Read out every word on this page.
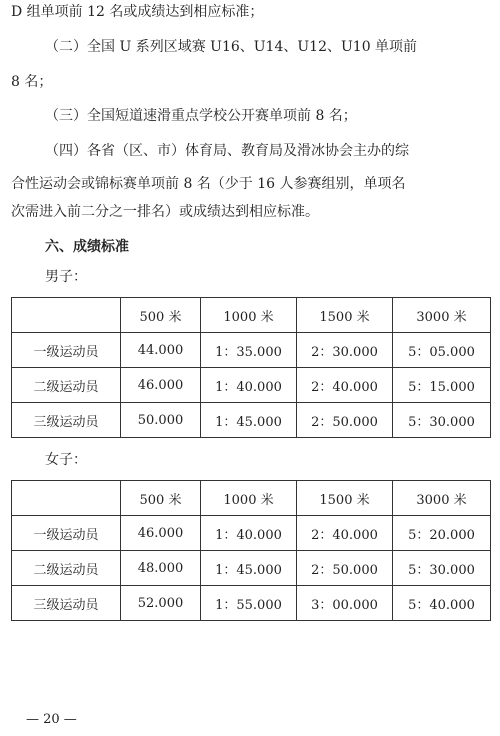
D 组单项前 12 名或成绩达到相应标准；
（二）全国 U 系列区域赛 U16、U14、U12、U10 单项前
8 名；
（三）全国短道速滑重点学校公开赛单项前 8 名；
（四）各省（区、市）体育局、教育局及滑冰协会主办的综
合性运动会或锦标赛单项前 8 名（少于 16 人参赛组别，单项名
次需进入前二分之一排名）或成绩达到相应标准。
六、成绩标准
男子：
	500 米	1000 米	1500 米	3000 米
一级运动员	44.000	1：35.000	2：30.000	5：05.000
二级运动员	46.000	1：40.000	2：40.000	5：15.000
三级运动员	50.000	1：45.000	2：50.000	5：30.000
女子：
	500 米	1000 米	1500 米	3000 米
一级运动员	46.000	1：40.000	2：40.000	5：20.000
二级运动员	48.000	1：45.000	2：50.000	5：30.000
三级运动员	52.000	1：55.000	3：00.000	5：40.000
— 20 —
